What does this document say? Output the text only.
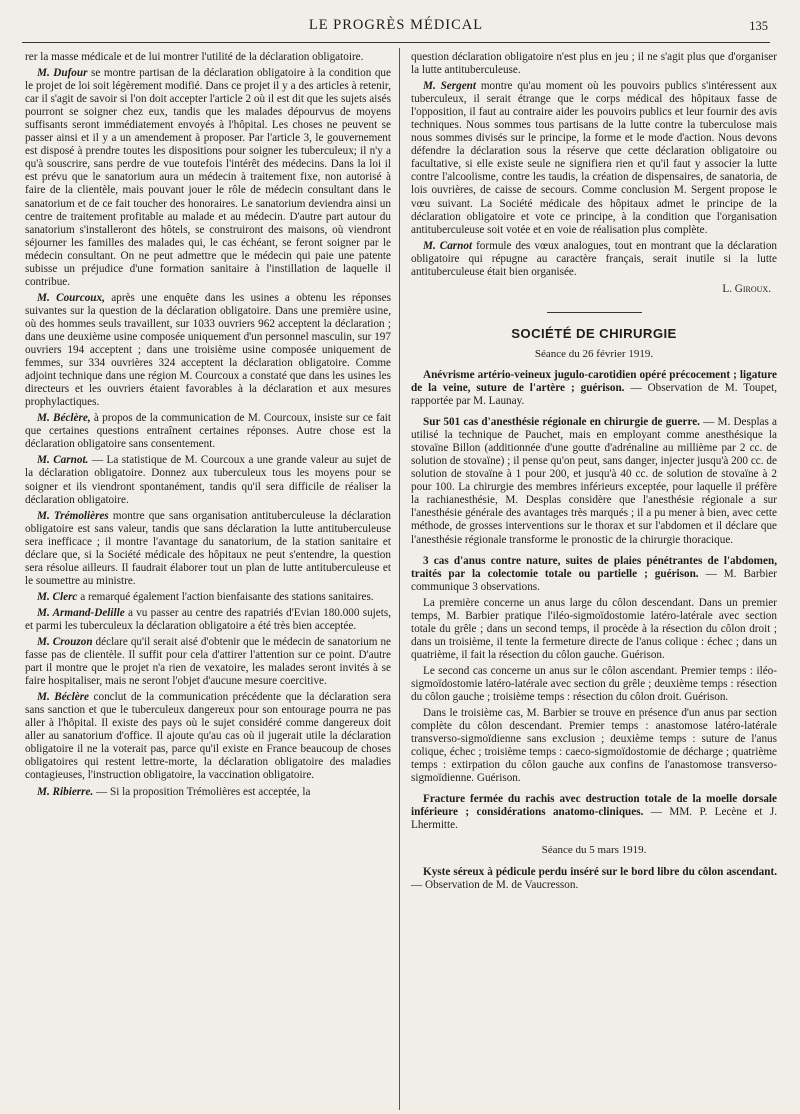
LE PROGRÈS MÉDICAL	135

rer la masse médicale et de lui montrer l'utilité de la déclaration obligatoire.

M. Dufour se montre partisan de la déclaration obligatoire à la condition que le projet de loi soit légèrement modifié. Dans ce projet il y a des articles à retenir, car il s'agit de savoir si l'on doit accepter l'article 2 où il est dit que les sujets aisés pourront se soigner chez eux, tandis que les malades dépourvus de moyens suffisants seront immédiatement envoyés à l'hôpital. Les choses ne peuvent se passer ainsi et il y a un amendement à proposer. Par l'article 3, le gouvernement est disposé à prendre toutes les dispositions pour soigner les tuberculeux; il n'y a qu'à souscrire, sans perdre de vue toutefois l'intérêt des médecins. Dans la loi il est prévu que le sanatorium aura un médecin à traitement fixe, non autorisé à faire de la clientèle, mais pouvant jouer le rôle de médecin consultant dans le sanatorium et de ce fait toucher des honoraires. Le sanatorium deviendra ainsi un centre de traitement profitable au malade et au médecin. D'autre part autour du sanatorium s'installeront des hôtels, se construiront des maisons, où viendront séjourner les familles des malades qui, le cas échéant, se feront soigner par le médecin consultant. On ne peut admettre que le médecin qui paie une patente subisse un préjudice d'une formation sanitaire à l'instillation de laquelle il contribue.

M. Courcoux, après une enquête dans les usines a obtenu les réponses suivantes sur la question de la déclaration obligatoire. Dans une première usine, où des hommes seuls travaillent, sur 1033 ouvriers 962 acceptent la déclaration ; dans une deuxième usine composée uniquement d'un personnel masculin, sur 197 ouvriers 194 acceptent ; dans une troisième usine composée uniquement de femmes, sur 334 ouvrières 324 acceptent la déclaration obligatoire. Comme adjoint technique dans une région M. Courcoux a constaté que dans les usines les directeurs et les ouvriers étaient favorables à la déclaration et aux mesures prophylactiques.

M. Béclère, à propos de la communication de M. Courcoux, insiste sur ce fait que certaines questions entraînent certaines réponses. Autre chose est la déclaration obligatoire sans consentement.

M. Carnot. — La statistique de M. Courcoux a une grande valeur au sujet de la déclaration obligatoire. Donnez aux tuberculeux tous les moyens pour se soigner et ils viendront spontanément, tandis qu'il sera difficile de réaliser la déclaration obligatoire.

M. Trémolières montre que sans organisation antituberculeuse la déclaration obligatoire est sans valeur, tandis que sans déclaration la lutte antituberculeuse sera inefficace ; il montre l'avantage du sanatorium, de la station sanitaire et déclare que, si la Société médicale des hôpitaux ne peut s'entendre, la question sera résolue ailleurs. Il faudrait élaborer tout un plan de lutte antituberculeuse et le soumettre au ministre.

M. Clerc a remarqué également l'action bienfaisante des stations sanitaires.

M. Armand-Delille a vu passer au centre des rapatriés d'Evian 180.000 sujets, et parmi les tuberculeux la déclaration obligatoire a été très bien acceptée.

M. Crouzon déclare qu'il serait aisé d'obtenir que le médecin de sanatorium ne fasse pas de clientèle. Il suffit pour cela d'attirer l'attention sur ce point. D'autre part il montre que le projet n'a rien de vexatoire, les malades seront invités à se faire hospitaliser, mais ne seront l'objet d'aucune mesure coercitive.

M. Béclère conclut de la communication précédente que la déclaration sera sans sanction et que le tuberculeux dangereux pour son entourage pourra ne pas aller à l'hôpital. Il existe des pays où le sujet considéré comme dangereux doit aller au sanatorium d'office. Il ajoute qu'au cas où il jugerait utile la déclaration obligatoire il ne la voterait pas, parce qu'il existe en France beaucoup de choses obligatoires qui restent lettre-morte, la déclaration obligatoire des maladies contagieuses, l'instruction obligatoire, la vaccination obligatoire.

M. Ribierre. — Si la proposition Trémolières est acceptée, la

question déclaration obligatoire n'est plus en jeu ; il ne s'agit plus que d'organiser la lutte antituberculeuse.

M. Sergent montre qu'au moment où les pouvoirs publics s'intéressent aux tuberculeux, il serait étrange que le corps médical des hôpitaux fasse de l'opposition, il faut au contraire aider les pouvoirs publics et leur fournir des avis techniques. Nous sommes tous partisans de la lutte contre la tuberculose mais nous sommes divisés sur le principe, la forme et le mode d'action. Nous devons défendre la déclaration sous la réserve que cette déclaration obligatoire ou facultative, si elle existe seule ne signifiera rien et qu'il faut y associer la lutte contre l'alcoolisme, contre les taudis, la création de dispensaires, de sanatoria, de lois ouvrières, de caisse de secours. Comme conclusion M. Sergent propose le vœu suivant. La Société médicale des hôpitaux admet le principe de la déclaration obligatoire et vote ce principe, à la condition que l'organisation antituberculeuse soit votée et en voie de réalisation plus complète.

M. Carnot formule des vœux analogues, tout en montrant que la déclaration obligatoire qui répugne au caractère français, serait inutile si la lutte antituberculeuse était bien organisée.

L. Giroux.
SOCIÉTÉ DE CHIRURGIE
Séance du 26 février 1919.

Anévrisme artério-veineux jugulo-carotidien opéré précocement ; ligature de la veine, suture de l'artère ; guérison. — Observation de M. Toupet, rapportée par M. Launay.

Sur 501 cas d'anesthésie régionale en chirurgie de guerre. — M. Desplas a utilisé la technique de Pauchet, mais en employant comme anesthésique la stovaïne Billon (additionnée d'une goutte d'adrénaline au millième par 2 cc. de solution de stovaïne) ; il pense qu'on peut, sans danger, injecter jusqu'à 200 cc. de solution de stovaïne à 1 pour 200, et jusqu'à 40 cc. de solution de stovaïne à 2 pour 100. La chirurgie des membres inférieurs exceptée, pour laquelle il préfère la rachianesthésie, M. Desplas considère que l'anesthésie régionale a sur l'anesthésie générale des avantages très marqués ; il a pu mener à bien, avec cette méthode, de grosses interventions sur le thorax et sur l'abdomen et il déclare que l'anesthésie régionale transforme le pronostic de la chirurgie thoracique.

3 cas d'anus contre nature, suites de plaies pénétrantes de l'abdomen, traités par la colectomie totale ou partielle ; guérison. — M. Barbier communique 3 observations.

La première concerne un anus large du côlon descendant. Dans un premier temps, M. Barbier pratique l'iléo-sigmoïdostomie latéro-latérale avec section totale du grêle ; dans un second temps, il procède à la résection du côlon droit ; dans un troisième, il tente la fermeture directe de l'anus colique : échec ; dans un quatrième, il fait la résection du côlon gauche. Guérison.

Le second cas concerne un anus sur le côlon ascendant. Premier temps : iléo-sigmoïdostomie latéro-latérale avec section du grêle ; deuxième temps : résection du côlon gauche ; troisième temps : résection du côlon droit. Guérison.

Dans le troisième cas, M. Barbier se trouve en présence d'un anus par section complète du côlon descendant. Premier temps : anastomose latéro-latérale transverso-sigmoïdienne sans exclusion ; deuxième temps : suture de l'anus colique, échec ; troisième temps : caeco-sigmoïdostomie de décharge ; quatrième temps : extirpation du côlon gauche aux confins de l'anastomose transverso-sigmoïdienne. Guérison.

Fracture fermée du rachis avec destruction totale de la moelle dorsale inférieure ; considérations anatomo-cliniques. — MM. P. Lecène et J. Lhermitte.

Séance du 5 mars 1919.

Kyste séreux à pédicule perdu inséré sur le bord libre du côlon ascendant. — Observation de M. de Vaucresson.
